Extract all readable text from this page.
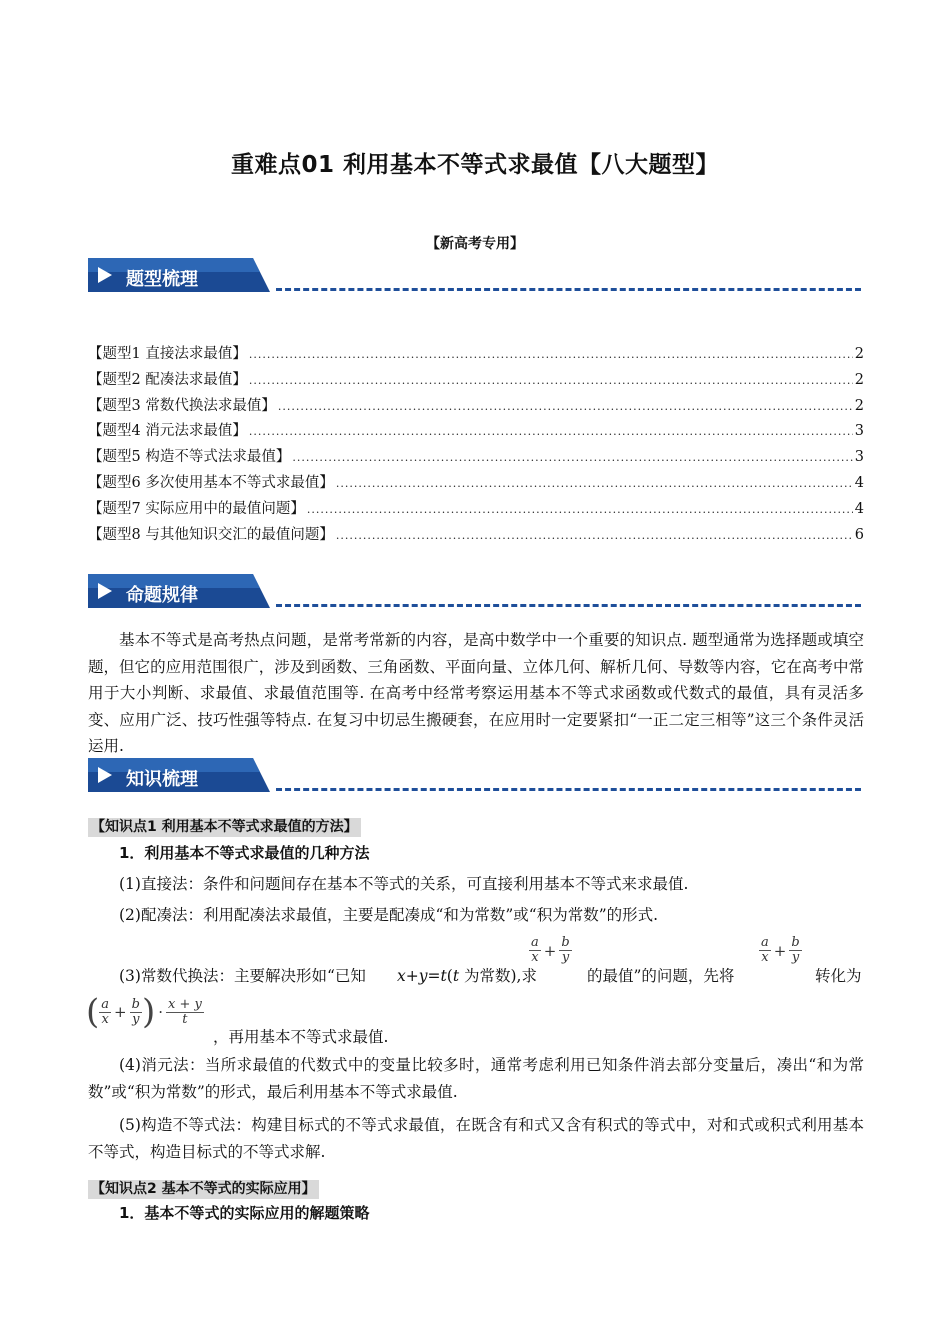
重难点01 利用基本不等式求最值【八大题型】
【新高考专用】
题型梳理
【题型1 直接法求最值】 .....	2
【题型2 配凑法求最值】 .....	2
【题型3 常数代换法求最值】 .....	2
【题型4 消元法求最值】 .....	3
【题型5 构造不等式法求最值】 .....	3
【题型6 多次使用基本不等式求最值】 .....	4
【题型7 实际应用中的最值问题】 .....	4
【题型8 与其他知识交汇的最值问题】 .....	6
命题规律
基本不等式是高考热点问题，是常考常新的内容，是高中数学中一个重要的知识点. 题型通常为选择题或填空题，但它的应用范围很广，涉及到函数、三角函数、平面向量、立体几何、解析几何、导数等内容，它在高考中常用于大小判断、求最值、求最值范围等. 在高考中经常考察运用基本不等式求函数或代数式的最值，具有灵活多变、应用广泛、技巧性强等特点. 在复习中切忌生搬硬套，在应用时一定要紧扣“一正二定三相等”这三个条件灵活运用.
知识梳理
【知识点1 利用基本不等式求最值的方法】
1．利用基本不等式求最值的几种方法
(1)直接法：条件和问题间存在基本不等式的关系，可直接利用基本不等式来求最值.
(2)配凑法：利用配凑法求最值，主要是配凑成“和为常数”或“积为常数”的形式.
(3)常数代换法：主要解决形如“已知 x+y=t(t 为常数),求
$\frac{a}{x} + \frac{b}{y}$
的最值”的问题，先将
$\frac{a}{x} + \frac{b}{y}$
转化为
( $\frac{a}{x} + \frac{b}{y}$ ) · $\frac{x + y}{t}$
，再用基本不等式求最值.
(4)消元法：当所求最值的代数式中的变量比较多时，通常考虑利用已知条件消去部分变量后，凑出“和为常数”或“积为常数”的形式，最后利用基本不等式求最值.
(5)构造不等式法：构建目标式的不等式求最值，在既含有和式又含有积式的等式中，对和式或积式利用基本不等式，构造目标式的不等式求解.
【知识点2 基本不等式的实际应用】
1．基本不等式的实际应用的解题策略
